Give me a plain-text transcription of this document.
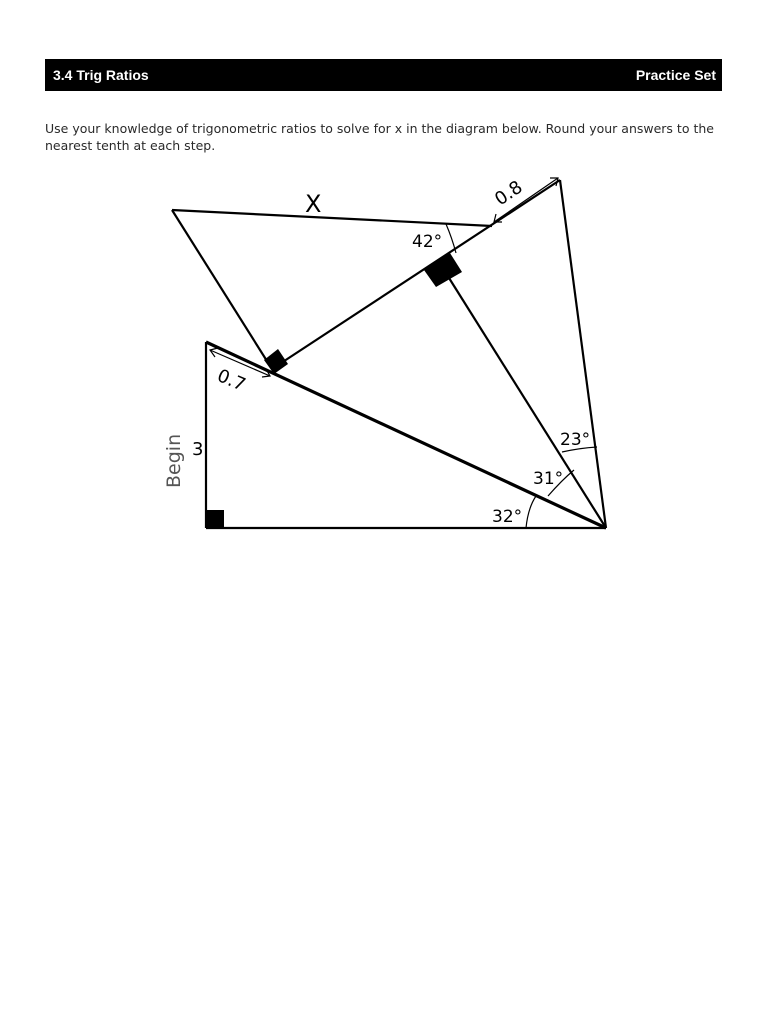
3.4 Trig Ratios	Practice Set

Use your knowledge of trigonometric ratios to solve for x in the diagram below. Round your answers to the nearest tenth at each step.

X	0.8
0.7
3
Begin
42°
23°
31°
32°
